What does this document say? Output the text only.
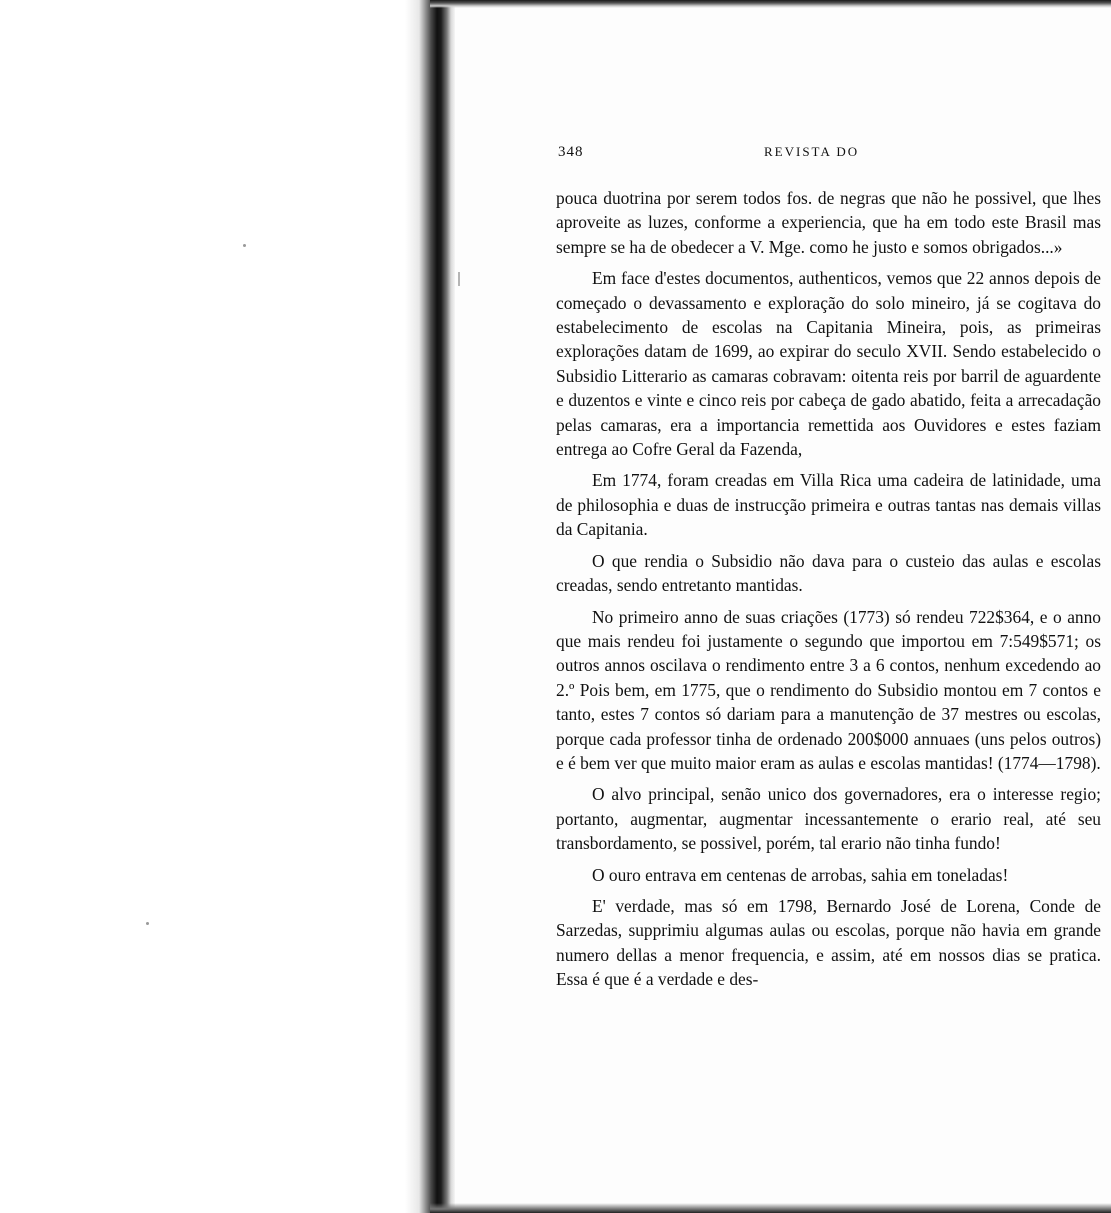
348	REVISTA DO

pouca duotrina por serem todos fos. de negras que não he possivel, que lhes aproveite as luzes, conforme a experiencia, que ha em todo este Brasil mas sempre se ha de obedecer a V. Mge. como he justo e somos obrigados...»

Em face d'estes documentos, authenticos, vemos que 22 annos depois de começado o devassamento e exploração do solo mineiro, já se cogitava do estabelecimento de escolas na Capitania Mineira, pois, as primeiras explorações datam de 1699, ao expirar do seculo XVII. Sendo estabelecido o Subsidio Litterario as camaras cobravam: oitenta reis por barril de aguardente e duzentos e vinte e cinco reis por cabeça de gado abatido, feita a arrecadação pelas camaras, era a importancia remettida aos Ouvidores e estes faziam entrega ao Cofre Geral da Fazenda,

Em 1774, foram creadas em Villa Rica uma cadeira de latinidade, uma de philosophia e duas de instrucção primeira e outras tantas nas demais villas da Capitania.

O que rendia o Subsidio não dava para o custeio das aulas e escolas creadas, sendo entretanto mantidas.

No primeiro anno de suas criações (1773) só rendeu 722$364, e o anno que mais rendeu foi justamente o segundo que importou em 7:549$571; os outros annos oscilava o rendimento entre 3 a 6 contos, nenhum excedendo ao 2.º Pois bem, em 1775, que o rendimento do Subsidio montou em 7 contos e tanto, estes 7 contos só dariam para a manutenção de 37 mestres ou escolas, porque cada professor tinha de ordenado 200$000 annuaes (uns pelos outros) e é bem ver que muito maior eram as aulas e escolas mantidas! (1774—1798).

O alvo principal, senão unico dos governadores, era o interesse regio; portanto, augmentar, augmentar incessantemente o erario real, até seu transbordamento, se possivel, porém, tal erario não tinha fundo!

O ouro entrava em centenas de arrobas, sahia em toneladas!

E' verdade, mas só em 1798, Bernardo José de Lorena, Conde de Sarzedas, supprimiu algumas aulas ou escolas, porque não havia em grande numero dellas a menor frequencia, e assim, até em nossos dias se pratica. Essa é que é a verdade e des-
